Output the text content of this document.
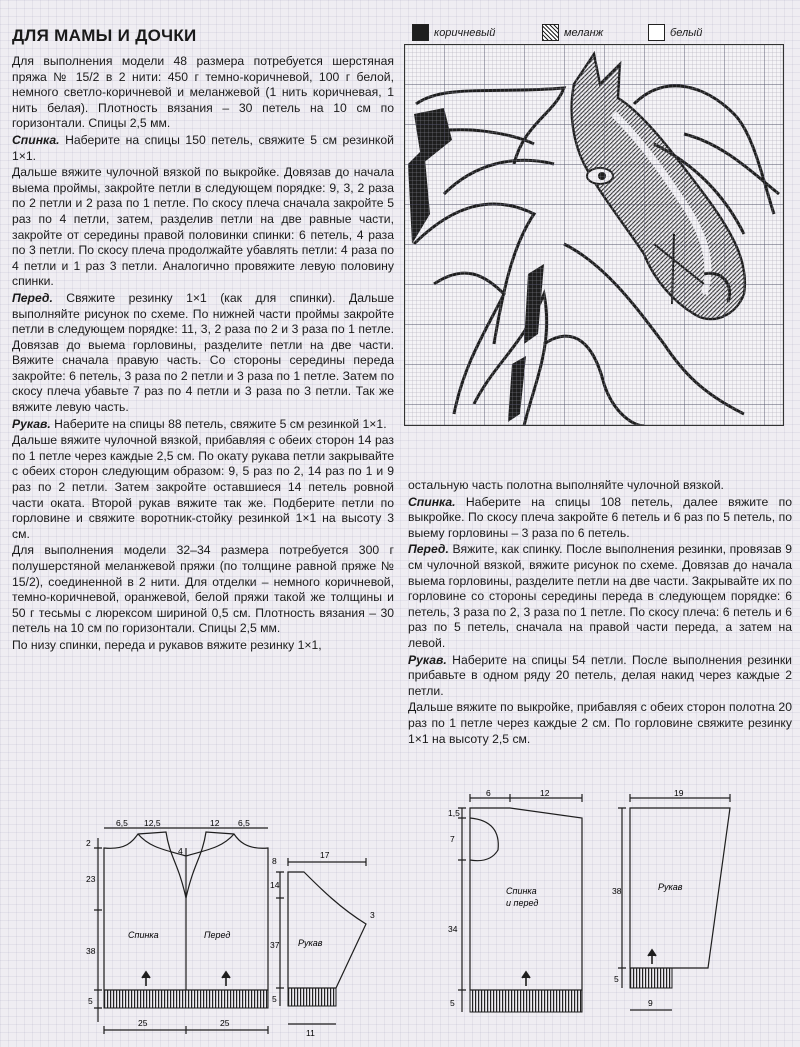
ДЛЯ МАМЫ И ДОЧКИ	коричневый	меланж	белый

Для выполнения модели 48 размера потребуется шерстяная пряжа № 15/2 в 2 нити: 450 г темно-коричневой, 100 г белой, немного светло-коричневой и меланжевой (1 нить коричневая, 1 нить белая). Плотность вязания – 30 петель на 10 см по горизонтали. Спицы 2,5 мм.

Спинка. Наберите на спицы 150 петель, свяжите 5 см резинкой 1×1.

Дальше вяжите чулочной вязкой по выкройке. Довязав до начала выема проймы, закройте петли в следующем порядке: 9, 3, 2 раза по 2 петли и 2 раза по 1 петле. По скосу плеча сначала закройте 5 раз по 4 петли, затем, разделив петли на две равные части, закройте от середины правой половинки спинки: 6 петель, 4 раза по 3 петли. По скосу плеча продолжайте убавлять петли: 4 раза по 4 петли и 1 раз 3 петли. Аналогично провяжите левую половину спинки.

Перед. Свяжите резинку 1×1 (как для спинки). Дальше выполняйте рисунок по схеме. По нижней части проймы закройте петли в следующем порядке: 11, 3, 2 раза по 2 и 3 раза по 1 петле. Довязав до выема горловины, разделите петли на две части. Вяжите сначала правую часть. Со стороны середины переда закройте: 6 петель, 3 раза по 2 петли и 3 раза по 1 петле. Затем по скосу плеча убавьте 7 раз по 4 петли и 3 раза по 3 петли. Так же вяжите левую часть.

Рукав. Наберите на спицы 88 петель, свяжите 5 см резинкой 1×1.

Дальше вяжите чулочной вязкой, прибавляя с обеих сторон 14 раз по 1 петле через каждые 2,5 см. По окату рукава петли закрывайте с обеих сторон следующим образом: 9, 5 раз по 2, 14 раз по 1 и 9 раз по 2 петли. Затем закройте оставшиеся 14 петель ровной части оката. Второй рукав вяжите так же. Подберите петли по горловине и свяжите воротник-стойку резинкой 1×1 на высоту 3 см.

Для выполнения модели 32–34 размера потребуется 300 г полушерстяной меланжевой пряжи (по толщине равной пряже № 15/2), соединенной в 2 нити. Для отделки – немного коричневой, темно-коричневой, оранжевой, белой пряжи такой же толщины и 50 г тесьмы с люрексом шириной 0,5 см. Плотность вязания – 30 петель на 10 см по горизонтали. Спицы 2,5 мм.

По низу спинки, переда и рукавов вяжите резинку 1×1,

остальную часть полотна выполняйте чулочной вязкой.

Спинка. Наберите на спицы 108 петель, далее вяжите по выкройке. По скосу плеча закройте 6 петель и 6 раз по 5 петель, по выему горловины – 3 раза по 6 петель.

Перед. Вяжите, как спинку. После выполнения резинки, провязав 9 см чулочной вязкой, вяжите рисунок по схеме. Довязав до начала выема горловины, разделите петли на две части. Закрывайте их по горловине со стороны середины переда в следующем порядке: 6 петель, 3 раза по 2, 3 раза по 1 петле. По скосу плеча: 6 петель и 6 раз по 5 петель, сначала на правой части переда, а затем на левой.

Рукав. Наберите на спицы 54 петли. После выполнения резинки прибавьте в одном ряду 20 петель, делая накид через каждые 2 петли.

Дальше вяжите по выкройке, прибавляя с обеих сторон полотна 20 раз по 1 петле через каждые 2 см. По горловине свяжите резинку 1×1 на высоту 2,5 см.

6,5 12,5	12 6,5
2
23
38
5
4
8
25	25
Спинка	Перед
17
14
37
5
3
11
Рукав
6	12
1,5
7
34
5
Спинка
и перед
19
38
5
9
Рукав
